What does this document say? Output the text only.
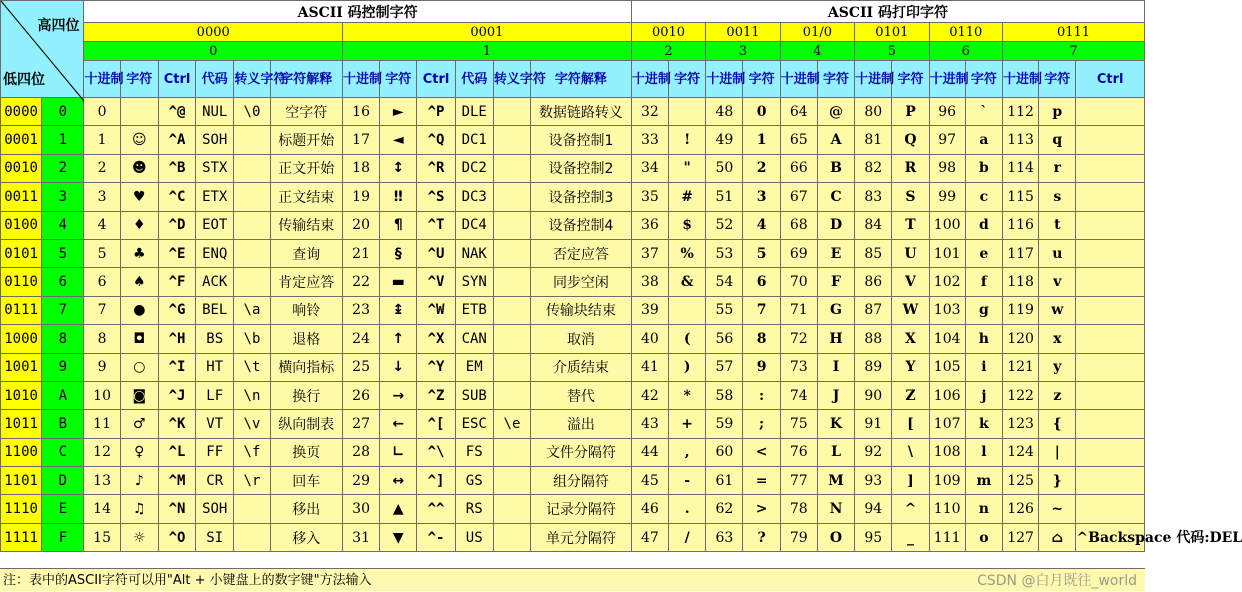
高四位
低四位		ASCII 码控制字符												ASCII 码打印字符												
		0000						0001						0010		0011		01/0		0101		0110		0111		
		0						1						2		3		4		5		6		7		
		十进制	字符	Ctrl	代码	转义字符	字符解释	十进制	字符	Ctrl	代码	转义字符	字符解释	十进制	字符	十进制	字符	十进制	字符	十进制	字符	十进制	字符	十进制	字符	Ctrl
0000	0	0		^@	NUL	\0	空字符	16	►	^P	DLE		数据链路转义	32		48	0	64	@	80	P	96	`	112	p	
0001	1	1	☺	^A	SOH		标题开始	17	◄	^Q	DC1		设备控制1	33	!	49	1	65	A	81	Q	97	a	113	q	
0010	2	2	☻	^B	STX		正文开始	18	↕	^R	DC2		设备控制2	34	"	50	2	66	B	82	R	98	b	114	r	
0011	3	3	♥	^C	ETX		正文结束	19	‼	^S	DC3		设备控制3	35	#	51	3	67	C	83	S	99	c	115	s	
0100	4	4	♦	^D	EOT		传输结束	20	¶	^T	DC4		设备控制4	36	$	52	4	68	D	84	T	100	d	116	t	
0101	5	5	♣	^E	ENQ		查询	21	§	^U	NAK		否定应答	37	%	53	5	69	E	85	U	101	e	117	u	
0110	6	6	♠	^F	ACK		肯定应答	22	▬	^V	SYN		同步空闲	38	&	54	6	70	F	86	V	102	f	118	v	
0111	7	7	●	^G	BEL	\a	响铃	23	↨	^W	ETB		传输块结束	39		55	7	71	G	87	W	103	g	119	w	
1000	8	8	◘	^H	BS	\b	退格	24	↑	^X	CAN		取消	40	(	56	8	72	H	88	X	104	h	120	x	
1001	9	9	○	^I	HT	\t	横向指标	25	↓	^Y	EM		介质结束	41	)	57	9	73	I	89	Y	105	i	121	y	
1010	A	10	◙	^J	LF	\n	换行	26	→	^Z	SUB		替代	42	*	58	:	74	J	90	Z	106	j	122	z	
1011	B	11	♂	^K	VT	\v	纵向制表	27	←	^[	ESC	\e	溢出	43	+	59	;	75	K	91	[	107	k	123	{	
1100	C	12	♀	^L	FF	\f	换页	28	∟	^\	FS		文件分隔符	44	,	60	<	76	L	92	\	108	l	124	|	
1101	D	13	♪	^M	CR	\r	回车	29	↔	^]	GS		组分隔符	45	-	61	=	77	M	93	]	109	m	125	}	
1110	E	14	♫	^N	SOH		移出	30	▲	^^	RS		记录分隔符	46	.	62	>	78	N	94	^	110	n	126	~	
1111	F	15	☼	^O	SI		移入	31	▼	^-	US		单元分隔符	47	/	63	?	79	O	95	_	111	o	127	⌂	^Backspace 代码:DEL
注：表中的ASCII字符可以用"Alt + 小键盘上的数字键"方法输入	CSDN @白月既往_world
